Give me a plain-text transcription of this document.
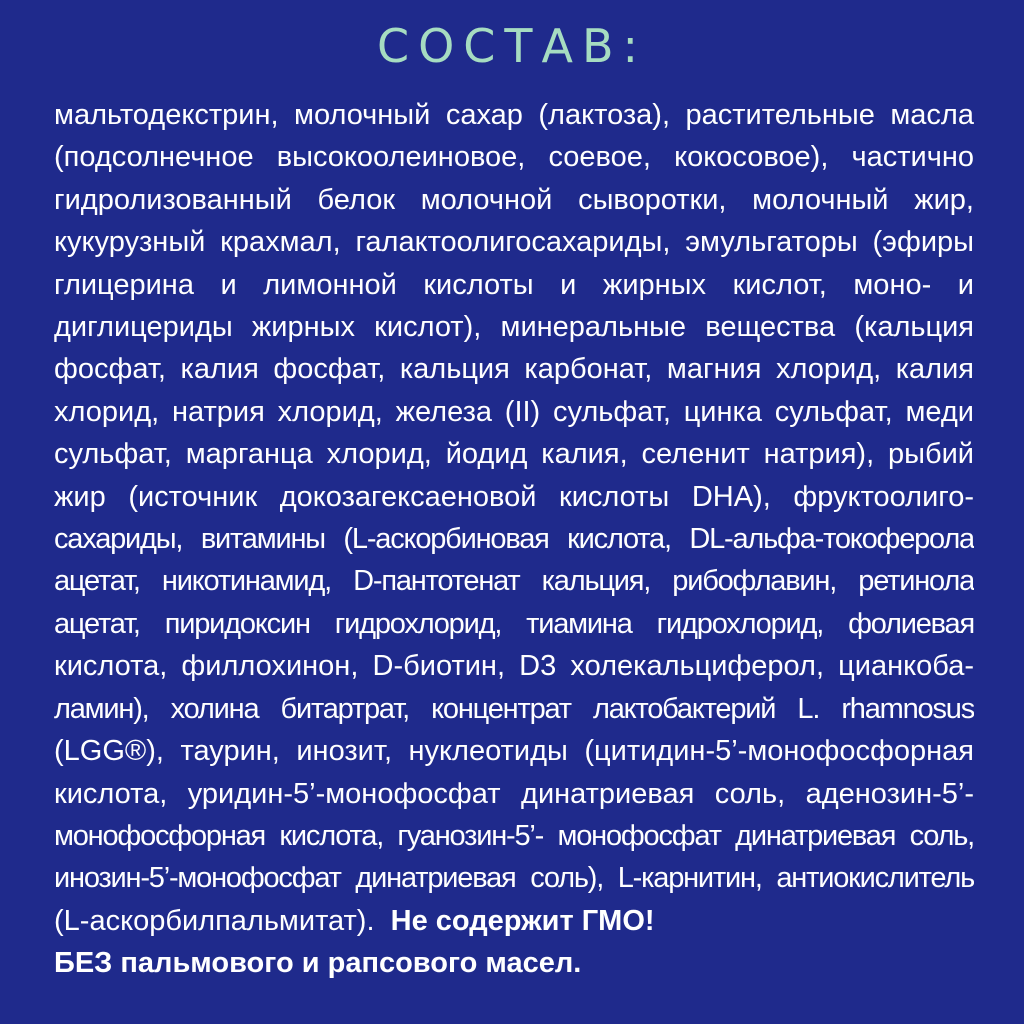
СОСТАВ:
мальтодекстрин, молочный сахар (лактоза), растительные масла
(подсолнечное высокоолеиновое, соевое, кокосовое), частично
гидролизованный белок молочной сыворотки, молочный жир,
кукурузный крахмал, галактоолигосахариды, эмульгаторы (эфиры
глицерина и лимонной кислоты и жирных кислот, моно- и
диглицериды жирных кислот), минеральные вещества (кальция
фосфат, калия фосфат, кальция карбонат, магния хлорид, калия
хлорид, натрия хлорид, железа (II) сульфат, цинка сульфат, меди
сульфат, марганца хлорид, йодид калия, селенит натрия), рыбий
жир (источник докозагексаеновой кислоты DHA), фруктоолиго-
сахариды, витамины (L-аскорбиновая кислота, DL-альфа-токоферола
ацетат, никотинамид, D-пантотенат кальция, рибофлавин, ретинола
ацетат, пиридоксин гидрохлорид, тиамина гидрохлорид, фолиевая
кислота, филлохинон, D-биотин, D3 холекальциферол, цианкоба-
ламин), холина битартрат, концентрат лактобактерий L. rhamnosus
(LGG®), таурин, инозит, нуклеотиды (цитидин-5’-монофосфорная
кислота, уридин-5’-монофосфат динатриевая соль, аденозин-5’-
монофосфорная кислота, гуанозин-5’- монофосфат динатриевая соль,
инозин-5’-монофосфат динатриевая соль), L-карнитин, антиокислитель
(L-аскорбилпальмитат). Не содержит ГМО!
БЕЗ пальмового и рапсового масел.
